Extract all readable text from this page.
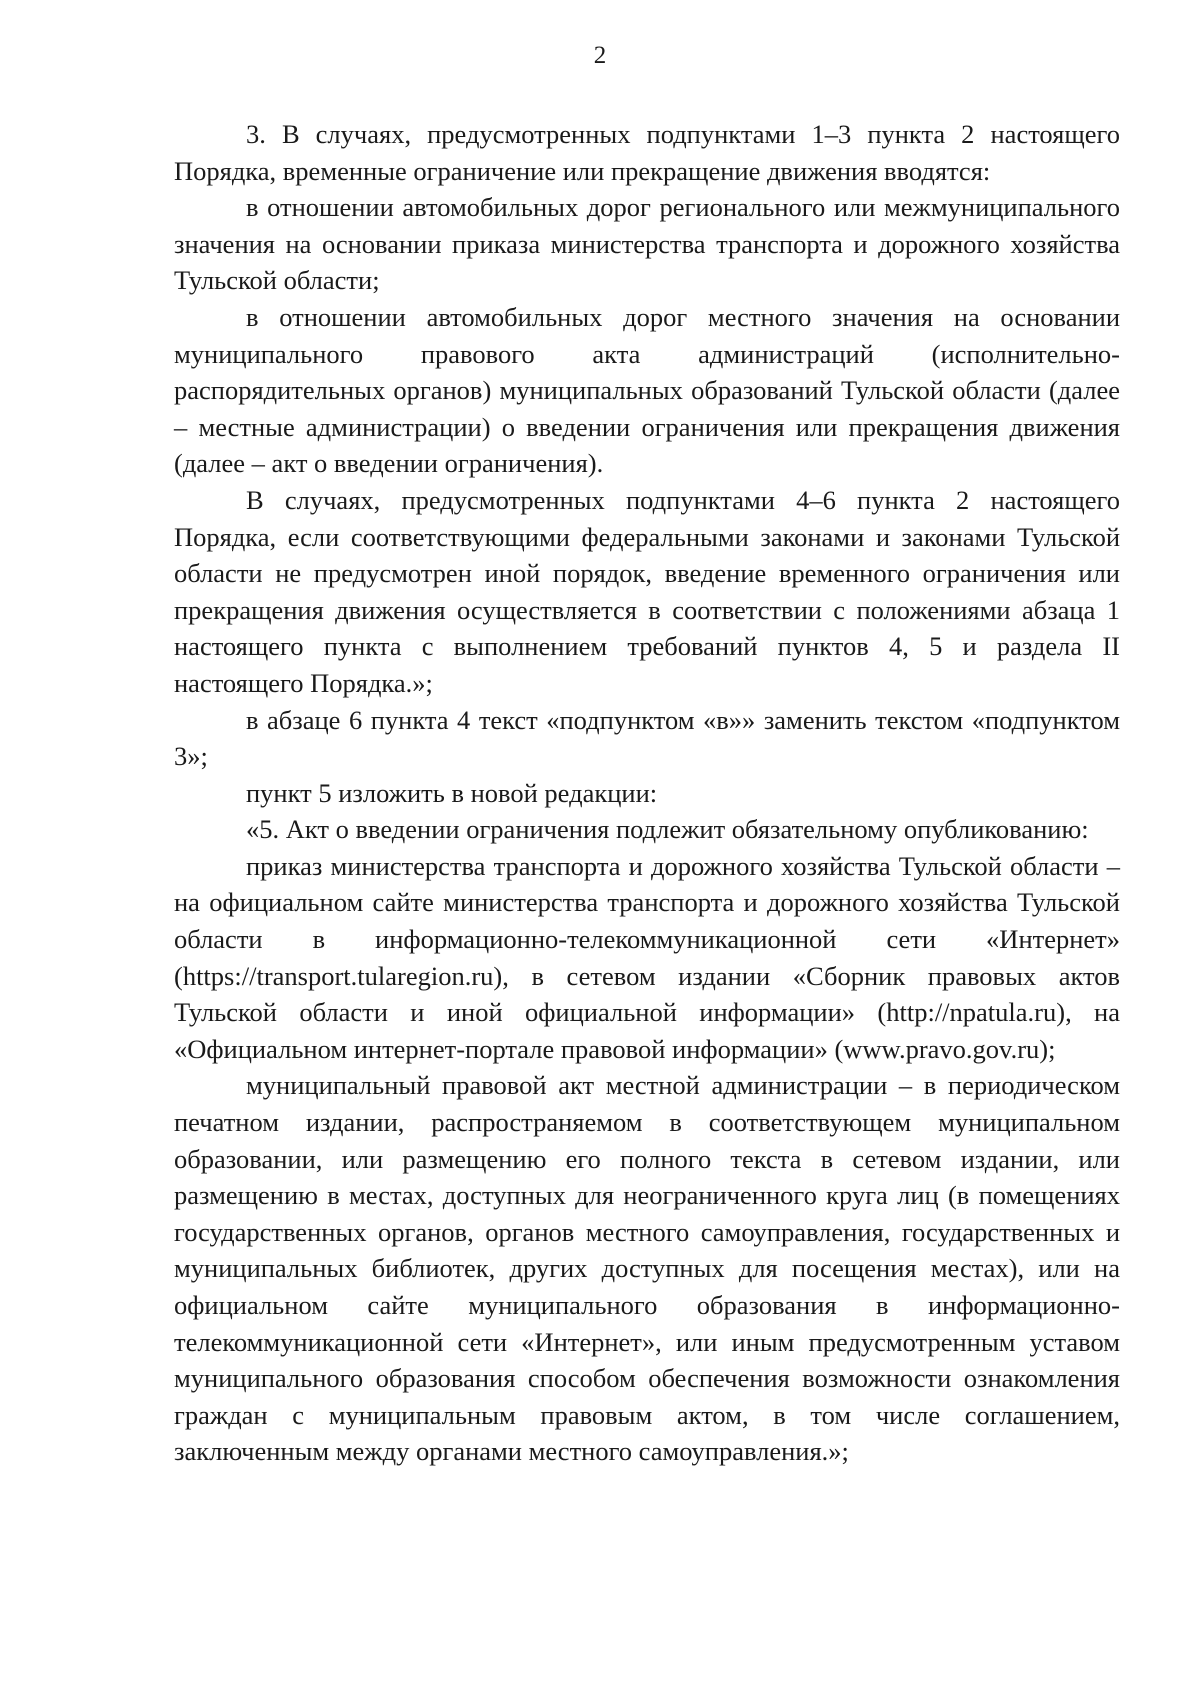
2

3. В случаях, предусмотренных подпунктами 1–3 пункта 2 настоящего Порядка, временные ограничение или прекращение движения вводятся:

в отношении автомобильных дорог регионального или межмуниципального значения на основании приказа министерства транспорта и дорожного хозяйства Тульской области;

в отношении автомобильных дорог местного значения на основании муниципального правового акта администраций (исполнительно-распорядительных органов) муниципальных образований Тульской области (далее – местные администрации) о введении ограничения или прекращения движения (далее – акт о введении ограничения).

В случаях, предусмотренных подпунктами 4–6 пункта 2 настоящего Порядка, если соответствующими федеральными законами и законами Тульской области не предусмотрен иной порядок, введение временного ограничения или прекращения движения осуществляется в соответствии с положениями абзаца 1 настоящего пункта с выполнением требований пунктов 4, 5 и раздела II настоящего Порядка.»;

в абзаце 6 пункта 4 текст «подпунктом «в»» заменить текстом «подпунктом 3»;

пункт 5 изложить в новой редакции:

«5. Акт о введении ограничения подлежит обязательному опубликованию:

приказ министерства транспорта и дорожного хозяйства Тульской области – на официальном сайте министерства транспорта и дорожного хозяйства Тульской области в информационно-телекоммуникационной сети «Интернет» (https://transport.tularegion.ru), в сетевом издании «Сборник правовых актов Тульской области и иной официальной информации» (http://npatula.ru), на «Официальном интернет-портале правовой информации» (www.pravo.gov.ru);

муниципальный правовой акт местной администрации – в периодическом печатном издании, распространяемом в соответствующем муниципальном образовании, или размещению его полного текста в сетевом издании, или размещению в местах, доступных для неограниченного круга лиц (в помещениях государственных органов, органов местного самоуправления, государственных и муниципальных библиотек, других доступных для посещения местах), или на официальном сайте муниципального образования в информационно-телекоммуникационной сети «Интернет», или иным предусмотренным уставом муниципального образования способом обеспечения возможности ознакомления граждан с муниципальным правовым актом, в том числе соглашением, заключенным между органами местного самоуправления.»;
